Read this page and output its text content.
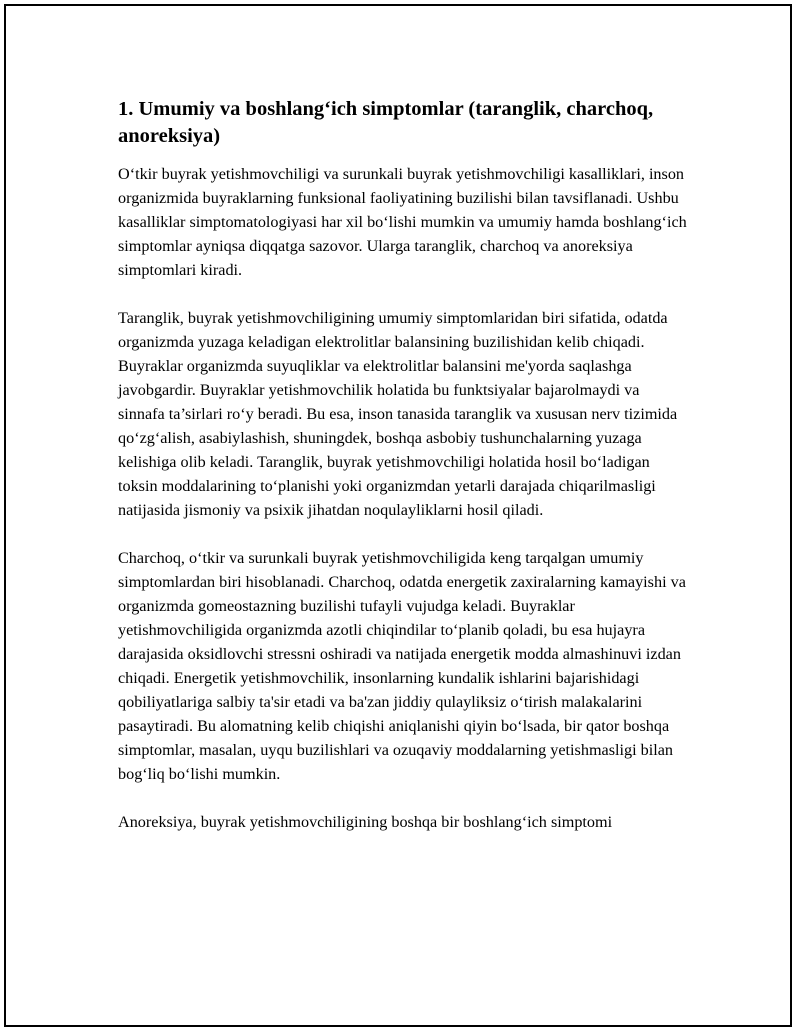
1. Umumiy va boshlang‘ich simptomlar (taranglik, charchoq, anoreksiya)

O‘tkir buyrak yetishmovchiligi va surunkali buyrak yetishmovchiligi kasalliklari, inson organizmida buyraklarning funksional faoliyatining buzilishi bilan tavsiflanadi. Ushbu kasalliklar simptomatologiyasi har xil bo‘lishi mumkin va umumiy hamda boshlang‘ich simptomlar ayniqsa diqqatga sazovor. Ularga taranglik, charchoq va anoreksiya simptomlari kiradi.

Taranglik, buyrak yetishmovchiligining umumiy simptomlaridan biri sifatida, odatda organizmda yuzaga keladigan elektrolitlar balansining buzilishidan kelib chiqadi. Buyraklar organizmda suyuqliklar va elektrolitlar balansini me'yorda saqlashga javobgardir. Buyraklar yetishmovchilik holatida bu funktsiyalar bajarolmaydi va sinnafa ta’sirlari ro‘y beradi. Bu esa, inson tanasida taranglik va xususan nerv tizimida qo‘zg‘alish, asabiylashish, shuningdek, boshqa asbobiy tushunchalarning yuzaga kelishiga olib keladi. Taranglik, buyrak yetishmovchiligi holatida hosil bo‘ladigan toksin moddalarining to‘planishi yoki organizmdan yetarli darajada chiqarilmasligi natijasida jismoniy va psixik jihatdan noqulayliklarni hosil qiladi.

Charchoq, o‘tkir va surunkali buyrak yetishmovchiligida keng tarqalgan umumiy simptomlardan biri hisoblanadi. Charchoq, odatda energetik zaxiralarning kamayishi va organizmda gomeostazning buzilishi tufayli vujudga keladi. Buyraklar yetishmovchiligida organizmda azotli chiqindilar to‘planib qoladi, bu esa hujayra darajasida oksidlovchi stressni oshiradi va natijada energetik modda almashinuvi izdan chiqadi. Energetik yetishmovchilik, insonlarning kundalik ishlarini bajarishidagi qobiliyatlariga salbiy ta'sir etadi va ba'zan jiddiy qulayliksiz o‘tirish malakalarini pasaytiradi. Bu alomatning kelib chiqishi aniqlanishi qiyin bo‘lsada, bir qator boshqa simptomlar, masalan, uyqu buzilishlari va ozuqaviy moddalarning yetishmasligi bilan bog‘liq bo‘lishi mumkin.

Anoreksiya, buyrak yetishmovchiligining boshqa bir boshlang‘ich simptomi
